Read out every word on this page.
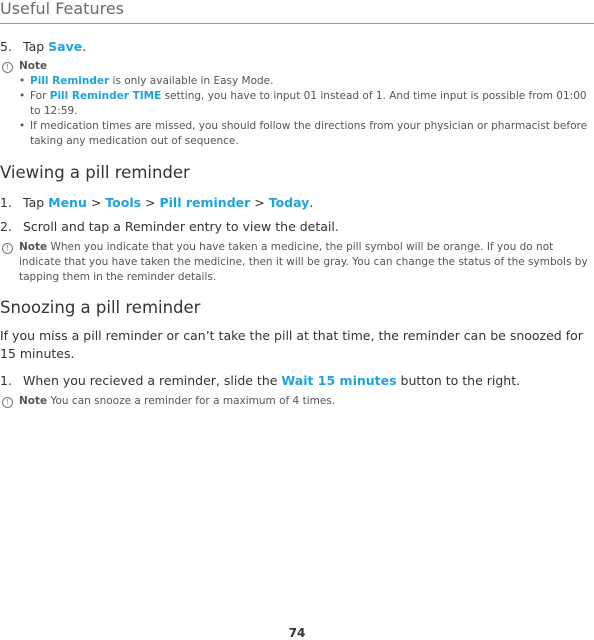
Useful Features
5. Tap Save.
! Note
• Pill Reminder is only available in Easy Mode.
• For Pill Reminder TIME setting, you have to input 01 instead of 1. And time input is possible from 01:00 to 12:59.
• If medication times are missed, you should follow the directions from your physician or pharmacist before taking any medication out of sequence.
Viewing a pill reminder
1. Tap Menu > Tools > Pill reminder > Today.
2. Scroll and tap a Reminder entry to view the detail.
! Note When you indicate that you have taken a medicine, the pill symbol will be orange. If you do not indicate that you have taken the medicine, then it will be gray. You can change the status of the symbols by tapping them in the reminder details.
Snoozing a pill reminder
If you miss a pill reminder or can’t take the pill at that time, the reminder can be snoozed for 15 minutes.
1. When you recieved a reminder, slide the Wait 15 minutes button to the right.
! Note You can snooze a reminder for a maximum of 4 times.
74
